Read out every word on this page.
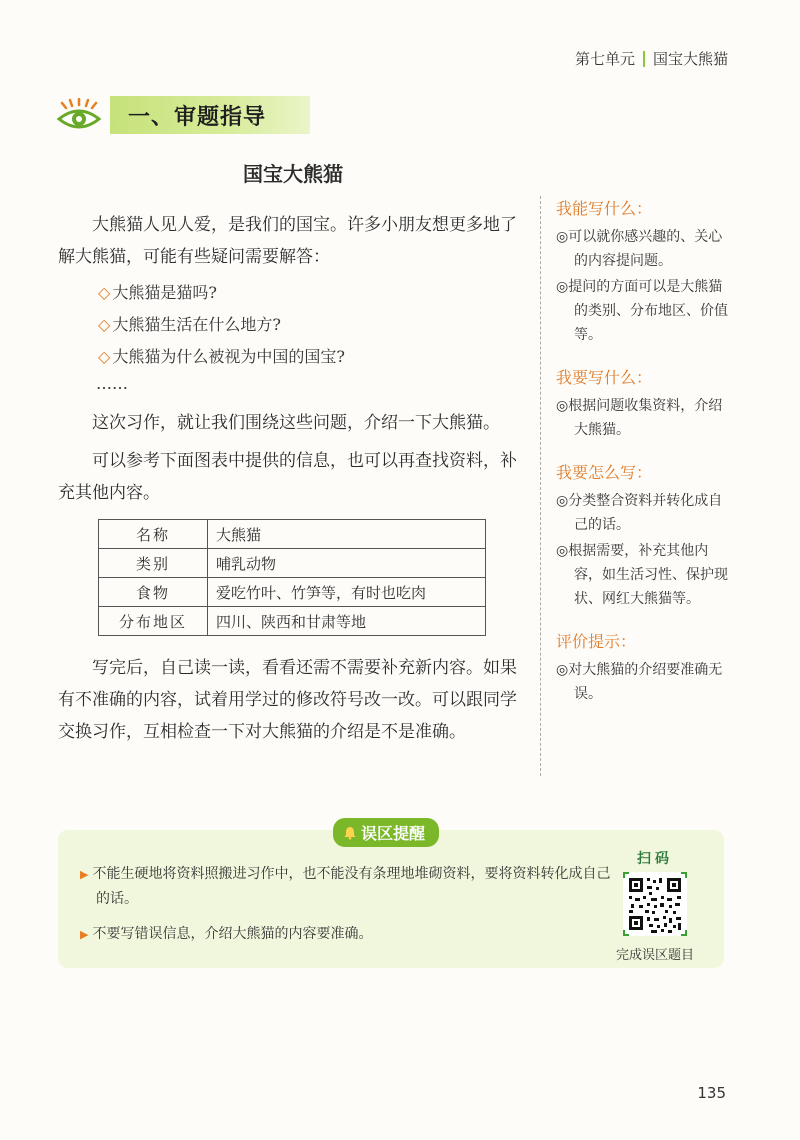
第七单元 国宝大熊猫
一、审题指导
国宝大熊猫

大熊猫人见人爱，是我们的国宝。许多小朋友想更多地了解大熊猫，可能有些疑问需要解答：

◇ 大熊猫是猫吗?
◇ 大熊猫生活在什么地方?
◇ 大熊猫为什么被视为中国的国宝?
……

这次习作，就让我们围绕这些问题，介绍一下大熊猫。

可以参考下面图表中提供的信息，也可以再查找资料，补充其他内容。

名称	大熊猫
类别	哺乳动物
食物	爱吃竹叶、竹笋等，有时也吃肉
分布地区	四川、陕西和甘肃等地

写完后，自己读一读，看看还需不需要补充新内容。如果有不准确的内容，试着用学过的修改符号改一改。可以跟同学交换习作，互相检查一下对大熊猫的介绍是不是准确。

我能写什么：
◎可以就你感兴趣的、关心的内容提问题。
◎提问的方面可以是大熊猫的类别、分布地区、价值等。
我要写什么：
◎根据问题收集资料，介绍大熊猫。
我要怎么写：
◎分类整合资料并转化成自己的话。
◎根据需要，补充其他内容，如生活习性、保护现状、网红大熊猫等。
评价提示：
◎对大熊猫的介绍要准确无误。
误区提醒
▶ 不能生硬地将资料照搬进习作中，也不能没有条理地堆砌资料，要将资料转化成自己的话。
▶ 不要写错误信息，介绍大熊猫的内容要准确。
扫码
完成误区题目
135
